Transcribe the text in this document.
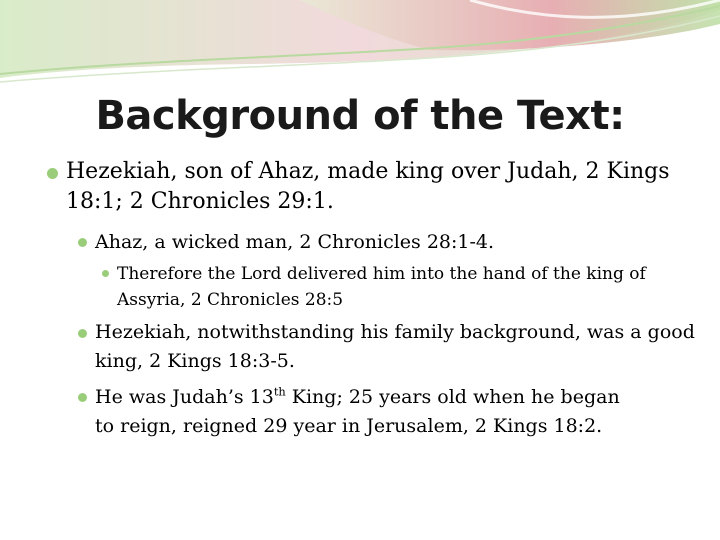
Background of the Text:

Hezekiah, son of Ahaz, made king over Judah, 2 Kings 18:1; 2 Chronicles 29:1.

Ahaz, a wicked man, 2 Chronicles 28:1-4.

Therefore the Lord delivered him into the hand of the king of Assyria, 2 Chronicles 28:5

Hezekiah, notwithstanding his family background, was a good king, 2 Kings 18:3-5.

He was Judah’s 13th King; 25 years old when he began to reign, reigned 29 year in Jerusalem, 2 Kings 18:2.
